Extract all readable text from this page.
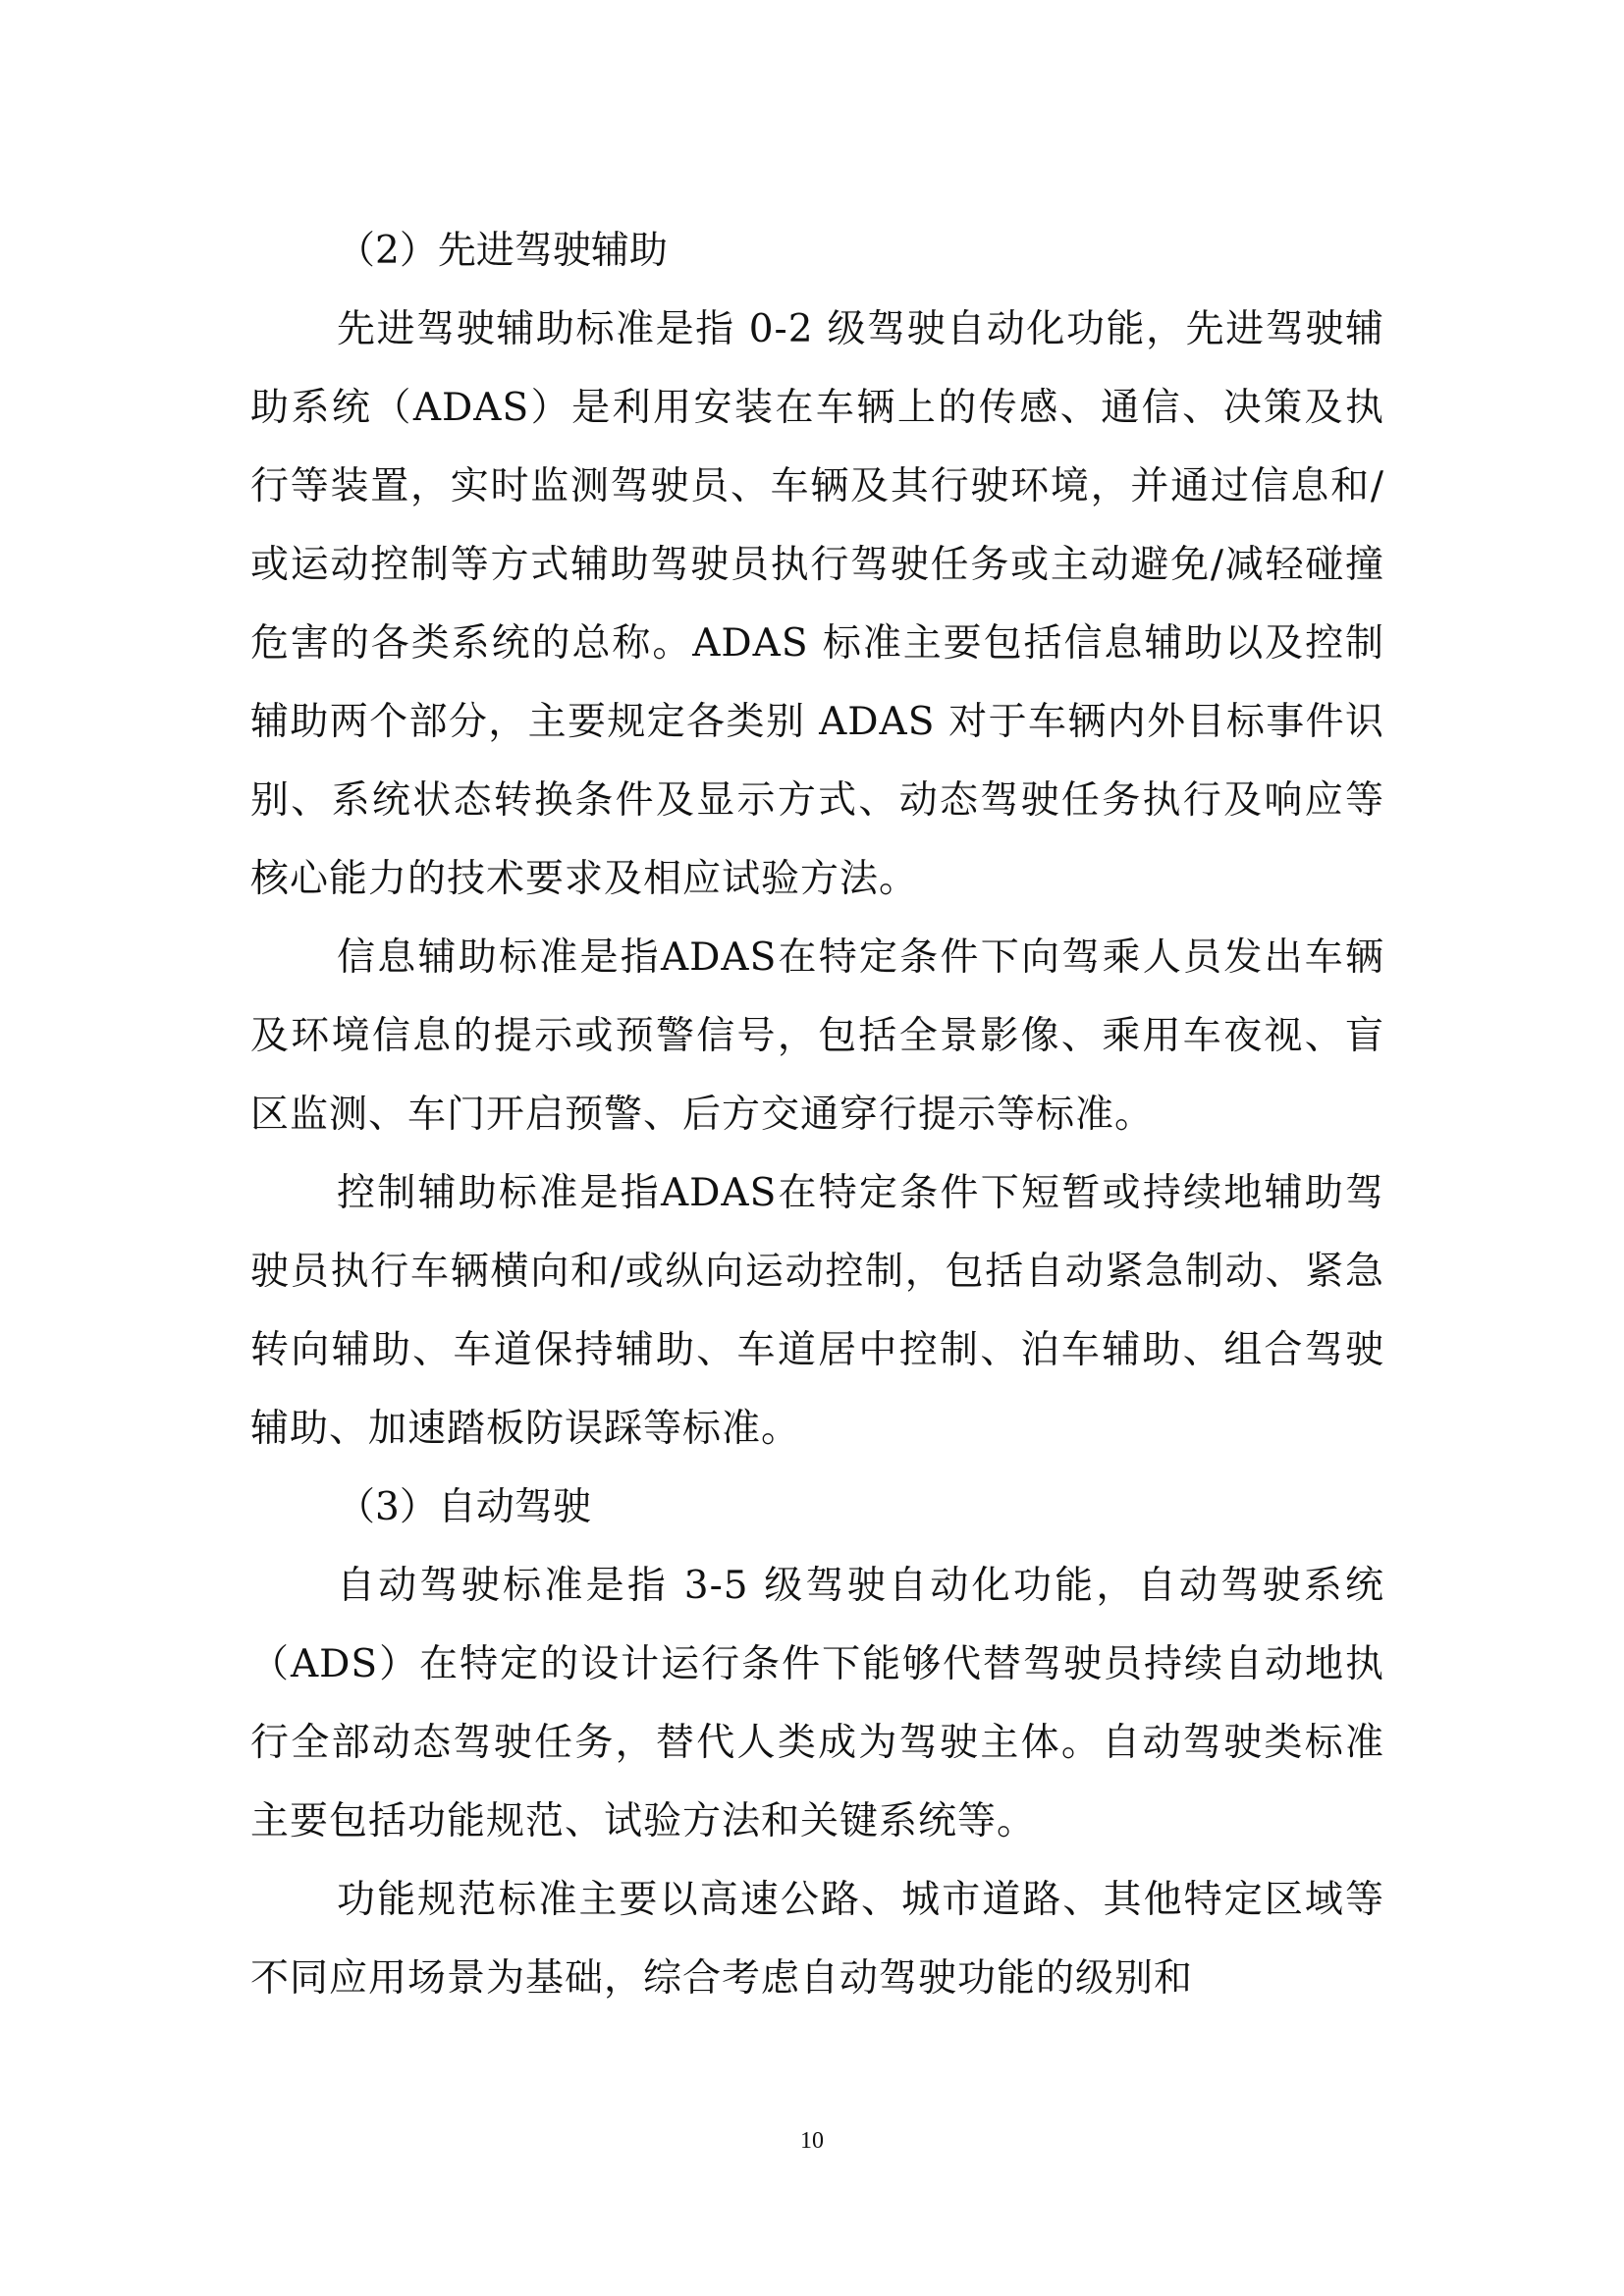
（2）先进驾驶辅助

先进驾驶辅助标准是指 0-2 级驾驶自动化功能，先进驾驶辅助系统（ADAS）是利用安装在车辆上的传感、通信、决策及执行等装置，实时监测驾驶员、车辆及其行驶环境，并通过信息和/或运动控制等方式辅助驾驶员执行驾驶任务或主动避免/减轻碰撞危害的各类系统的总称。ADAS 标准主要包括信息辅助以及控制辅助两个部分，主要规定各类别 ADAS 对于车辆内外目标事件识别、系统状态转换条件及显示方式、动态驾驶任务执行及响应等核心能力的技术要求及相应试验方法。

信息辅助标准是指ADAS在特定条件下向驾乘人员发出车辆及环境信息的提示或预警信号，包括全景影像、乘用车夜视、盲区监测、车门开启预警、后方交通穿行提示等标准。

控制辅助标准是指ADAS在特定条件下短暂或持续地辅助驾驶员执行车辆横向和/或纵向运动控制，包括自动紧急制动、紧急转向辅助、车道保持辅助、车道居中控制、泊车辅助、组合驾驶辅助、加速踏板防误踩等标准。

（3）自动驾驶

自动驾驶标准是指 3-5 级驾驶自动化功能，自动驾驶系统（ADS）在特定的设计运行条件下能够代替驾驶员持续自动地执行全部动态驾驶任务，替代人类成为驾驶主体。自动驾驶类标准主要包括功能规范、试验方法和关键系统等。

功能规范标准主要以高速公路、城市道路、其他特定区域等不同应用场景为基础，综合考虑自动驾驶功能的级别和

10
